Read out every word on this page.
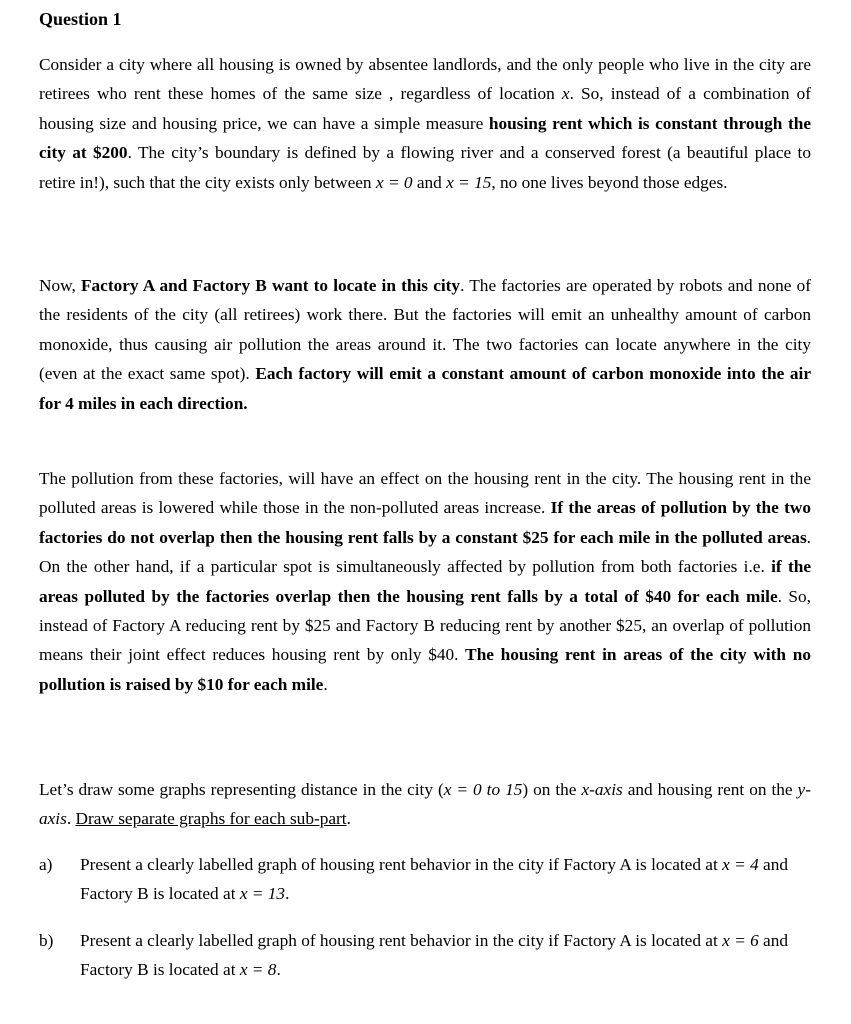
Question 1

Consider a city where all housing is owned by absentee landlords, and the only people who live in the city are retirees who rent these homes of the same size , regardless of location x. So, instead of a combination of housing size and housing price, we can have a simple measure housing rent which is constant through the city at $200. The city’s boundary is defined by a flowing river and a conserved forest (a beautiful place to retire in!), such that the city exists only between x = 0 and x = 15, no one lives beyond those edges.

Now, Factory A and Factory B want to locate in this city. The factories are operated by robots and none of the residents of the city (all retirees) work there. But the factories will emit an unhealthy amount of carbon monoxide, thus causing air pollution the areas around it. The two factories can locate anywhere in the city (even at the exact same spot). Each factory will emit a constant amount of carbon monoxide into the air for 4 miles in each direction.

The pollution from these factories, will have an effect on the housing rent in the city. The housing rent in the polluted areas is lowered while those in the non-polluted areas increase. If the areas of pollution by the two factories do not overlap then the housing rent falls by a constant $25 for each mile in the polluted areas. On the other hand, if a particular spot is simultaneously affected by pollution from both factories i.e. if the areas polluted by the factories overlap then the housing rent falls by a total of $40 for each mile. So, instead of Factory A reducing rent by $25 and Factory B reducing rent by another $25, an overlap of pollution means their joint effect reduces housing rent by only $40. The housing rent in areas of the city with no pollution is raised by $10 for each mile.

Let’s draw some graphs representing distance in the city (x = 0 to 15) on the x-axis and housing rent on the y-axis. Draw separate graphs for each sub-part.

a) Present a clearly labelled graph of housing rent behavior in the city if Factory A is located at x = 4 and Factory B is located at x = 13.
b) Present a clearly labelled graph of housing rent behavior in the city if Factory A is located at x = 6 and Factory B is located at x = 8.
